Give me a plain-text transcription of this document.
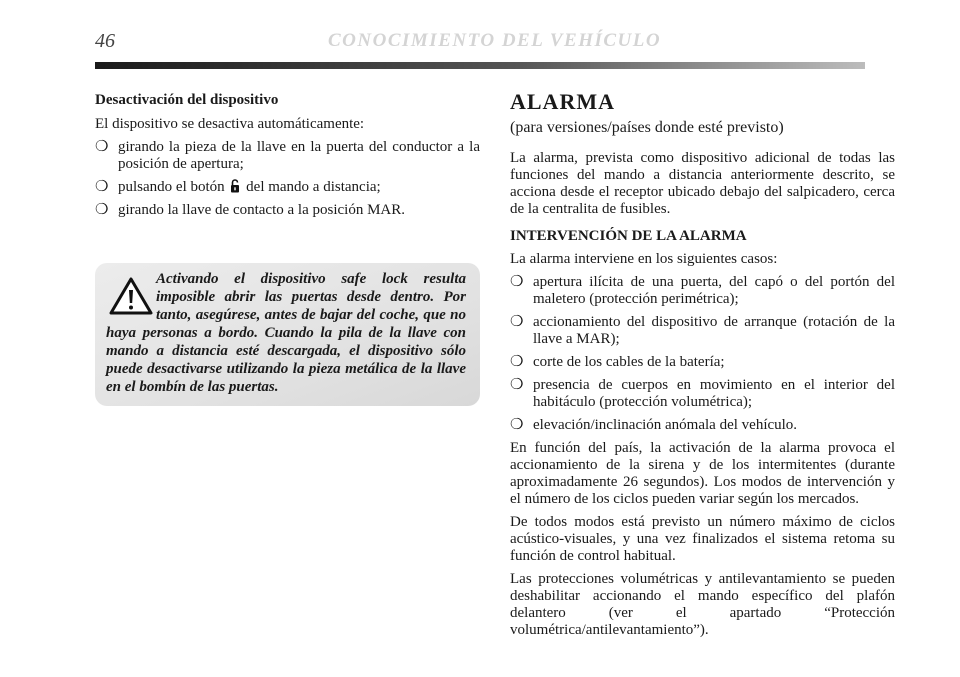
46	CONOCIMIENTO DEL VEHÍCULO
Desactivación del dispositivo

El dispositivo se desactiva automáticamente:

❍ girando la pieza de la llave en la puerta del conductor a la posición de apertura;
❍ pulsando el botón del mando a distancia;
❍ girando la llave de contacto a la posición MAR.
Activando el dispositivo safe lock resulta imposible abrir las puertas desde dentro. Por tanto, asegúrese, antes de bajar del coche, que no haya personas a bordo. Cuando la pila de la llave con mando a distancia esté descargada, el dispositivo sólo puede desactivarse utilizando la pieza metálica de la llave en el bombín de las puertas.
ALARMA
(para versiones/países donde esté previsto)

La alarma, prevista como dispositivo adicional de todas las funciones del mando a distancia anteriormente descrito, se acciona desde el receptor ubicado debajo del salpicadero, cerca de la centralita de fusibles.

INTERVENCIÓN DE LA ALARMA

La alarma interviene en los siguientes casos:

❍ apertura ilícita de una puerta, del capó o del portón del maletero (protección perimétrica);
❍ accionamiento del dispositivo de arranque (rotación de la llave a MAR);
❍ corte de los cables de la batería;
❍ presencia de cuerpos en movimiento en el interior del habitáculo (protección volumétrica);
❍ elevación/inclinación anómala del vehículo.

En función del país, la activación de la alarma provoca el accionamiento de la sirena y de los intermitentes (durante aproximadamente 26 segundos). Los modos de intervención y el número de los ciclos pueden variar según los mercados.

De todos modos está previsto un número máximo de ciclos acústico-visuales, y una vez finalizados el sistema retoma su función de control habitual.

Las protecciones volumétricas y antilevantamiento se pueden deshabilitar accionando el mando específico del plafón delantero (ver el apartado “Protección volumétrica/antilevantamiento”).
